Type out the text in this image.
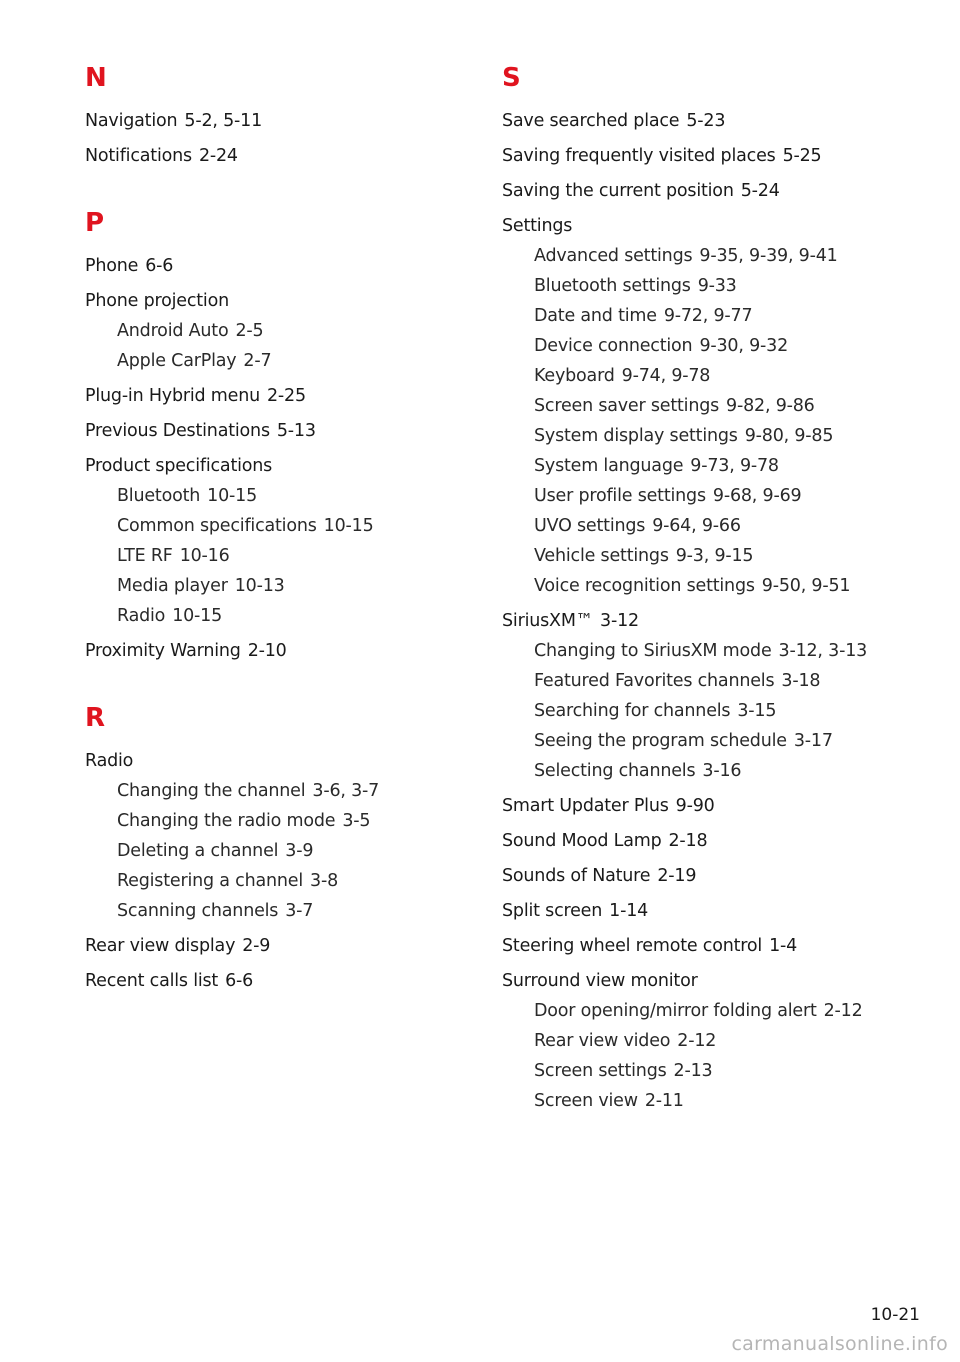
N
Navigation 5-2, 5-11
Notifications 2-24
P
Phone 6-6
Phone projection
Android Auto 2-5
Apple CarPlay 2-7
Plug-in Hybrid menu 2-25
Previous Destinations 5-13
Product specifications
Bluetooth 10-15
Common specifications 10-15
LTE RF 10-16
Media player 10-13
Radio 10-15
Proximity Warning 2-10
R
Radio
Changing the channel 3-6, 3-7
Changing the radio mode 3-5
Deleting a channel 3-9
Registering a channel 3-8
Scanning channels 3-7
Rear view display 2-9
Recent calls list 6-6
S
Save searched place 5-23
Saving frequently visited places 5-25
Saving the current position 5-24
Settings
Advanced settings 9-35, 9-39, 9-41
Bluetooth settings 9-33
Date and time 9-72, 9-77
Device connection 9-30, 9-32
Keyboard 9-74, 9-78
Screen saver settings 9-82, 9-86
System display settings 9-80, 9-85
System language 9-73, 9-78
User profile settings 9-68, 9-69
UVO settings 9-64, 9-66
Vehicle settings 9-3, 9-15
Voice recognition settings 9-50, 9-51
SiriusXM™ 3-12
Changing to SiriusXM mode 3-12, 3-13
Featured Favorites channels 3-18
Searching for channels 3-15
Seeing the program schedule 3-17
Selecting channels 3-16
Smart Updater Plus 9-90
Sound Mood Lamp 2-18
Sounds of Nature 2-19
Split screen 1-14
Steering wheel remote control 1-4
Surround view monitor
Door opening/mirror folding alert 2-12
Rear view video 2-12
Screen settings 2-13
Screen view 2-11
10-21
carmanualsonline.info
